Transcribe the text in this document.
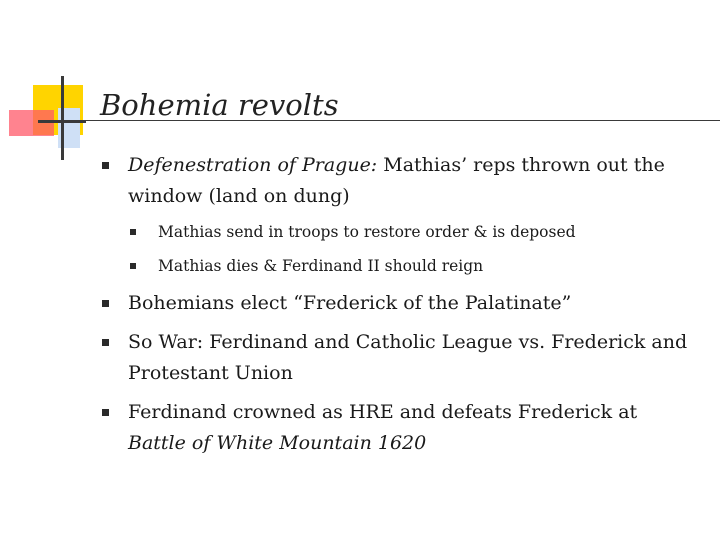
Bohemia revolts
Defenestration of Prague: Mathias’ reps thrown out the window (land on dung)
Mathias send in troops to restore order & is deposed
Mathias dies & Ferdinand II should reign
Bohemians elect “Frederick of the Palatinate”
So War: Ferdinand and Catholic League vs. Frederick and Protestant Union
Ferdinand crowned as HRE and defeats Frederick at Battle of White Mountain 1620
